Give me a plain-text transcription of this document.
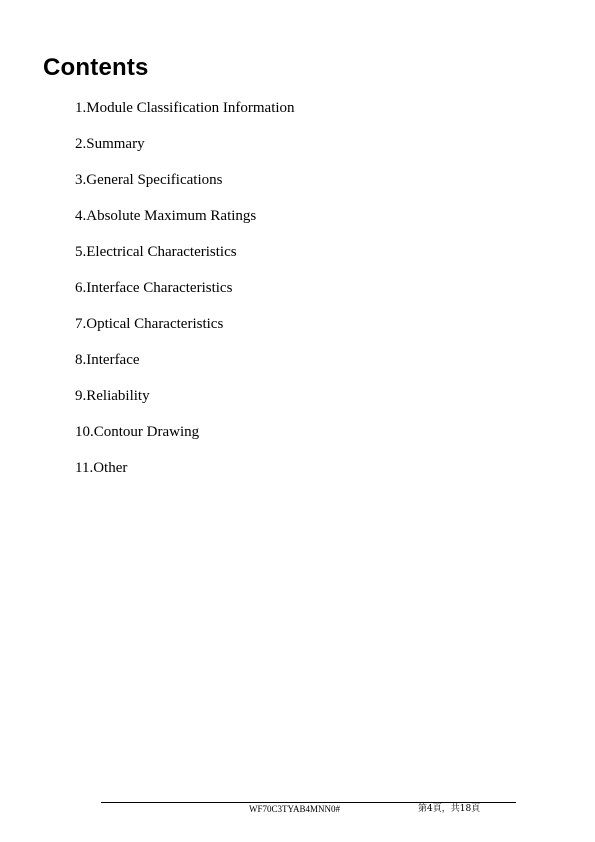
Contents
1.Module Classification Information
2.Summary
3.General Specifications
4.Absolute Maximum Ratings
5.Electrical Characteristics
6.Interface Characteristics
7.Optical Characteristics
8.Interface
9.Reliability
10.Contour Drawing
11.Other
WF70C3TYAB4MNN0#	第4頁，共18頁
